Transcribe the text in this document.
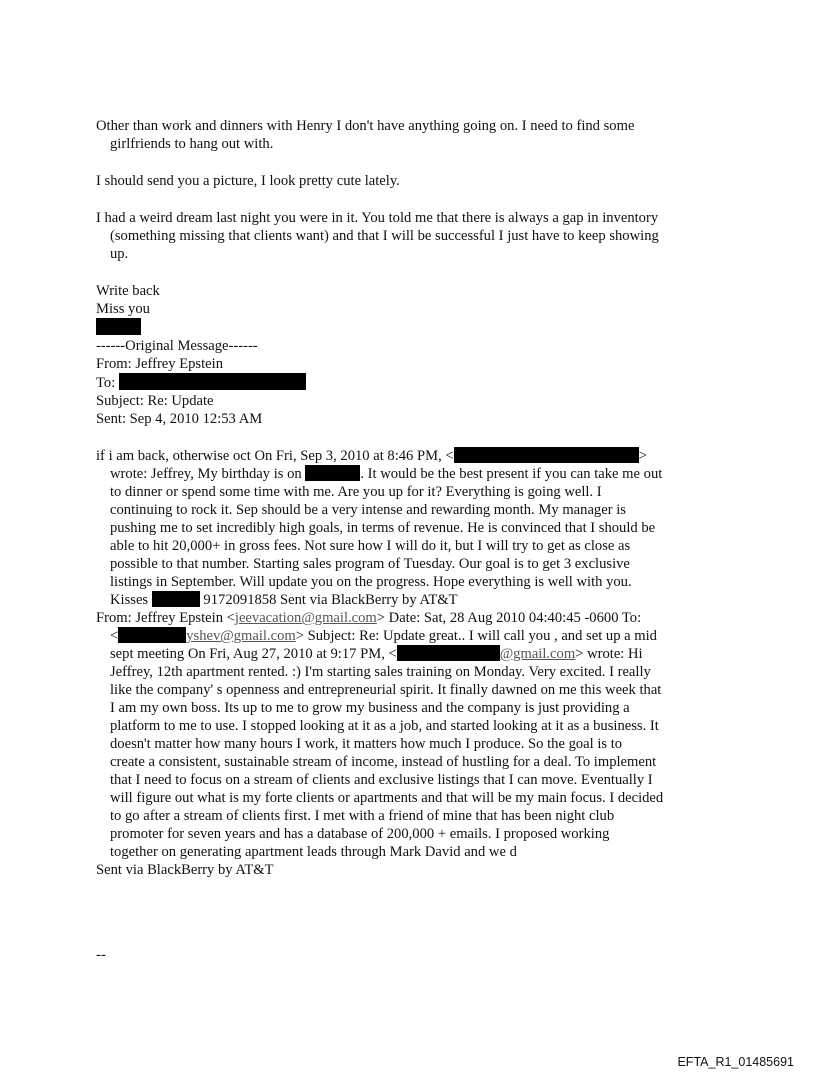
Other than work and dinners with Henry I don't have anything going on. I need to find some
girlfriends to hang out with.
I should send you a picture, I look pretty cute lately.
I had a weird dream last night you were in it. You told me that there is always a gap in inventory
(something missing that clients want) and that I will be successful I just have to keep showing
up.
Write back
Miss you
------Original Message------
From: Jeffrey Epstein
To:
Subject: Re: Update
Sent: Sep 4, 2010 12:53 AM
if i am back, otherwise oct On Fri, Sep 3, 2010 at 8:46 PM, <	>
wrote: Jeffrey, My birthday is on	. It would be the best present if you can take me out
to dinner or spend some time with me. Are you up for it? Everything is going well. I
continuing to rock it. Sep should be a very intense and rewarding month. My manager is
pushing me to set incredibly high goals, in terms of revenue. He is convinced that I should be
able to hit 20,000+ in gross fees. Not sure how I will do it, but I will try to get as close as
possible to that number. Starting sales program of Tuesday. Our goal is to get 3 exclusive
listings in September. Will update you on the progress. Hope everything is well with you.
Kisses	9172091858 Sent via BlackBerry by AT&T
From: Jeffrey Epstein <jeevacation@gmail.com> Date: Sat, 28 Aug 2010 04:40:45 -0600 To:
<	yshev@gmail.com> Subject: Re: Update great.. I will call you , and set up a mid
sept meeting On Fri, Aug 27, 2010 at 9:17 PM, <	@gmail.com> wrote: Hi
Jeffrey, 12th apartment rented. :) I'm starting sales training on Monday. Very excited. I really
like the company' s openness and entrepreneurial spirit. It finally dawned on me this week that
I am my own boss. Its up to me to grow my business and the company is just providing a
platform to me to use. I stopped looking at it as a job, and started looking at it as a business. It
doesn't matter how many hours I work, it matters how much I produce. So the goal is to
create a consistent, sustainable stream of income, instead of hustling for a deal. To implement
that I need to focus on a stream of clients and exclusive listings that I can move. Eventually I
will figure out what is my forte clients or apartments and that will be my main focus. I decided
to go after a stream of clients first. I met with a friend of mine that has been night club
promoter for seven years and has a database of 200,000 + emails. I proposed working
together on generating apartment leads through Mark David and we d
Sent via BlackBerry by AT&T
--
EFTA_R1_01485691
